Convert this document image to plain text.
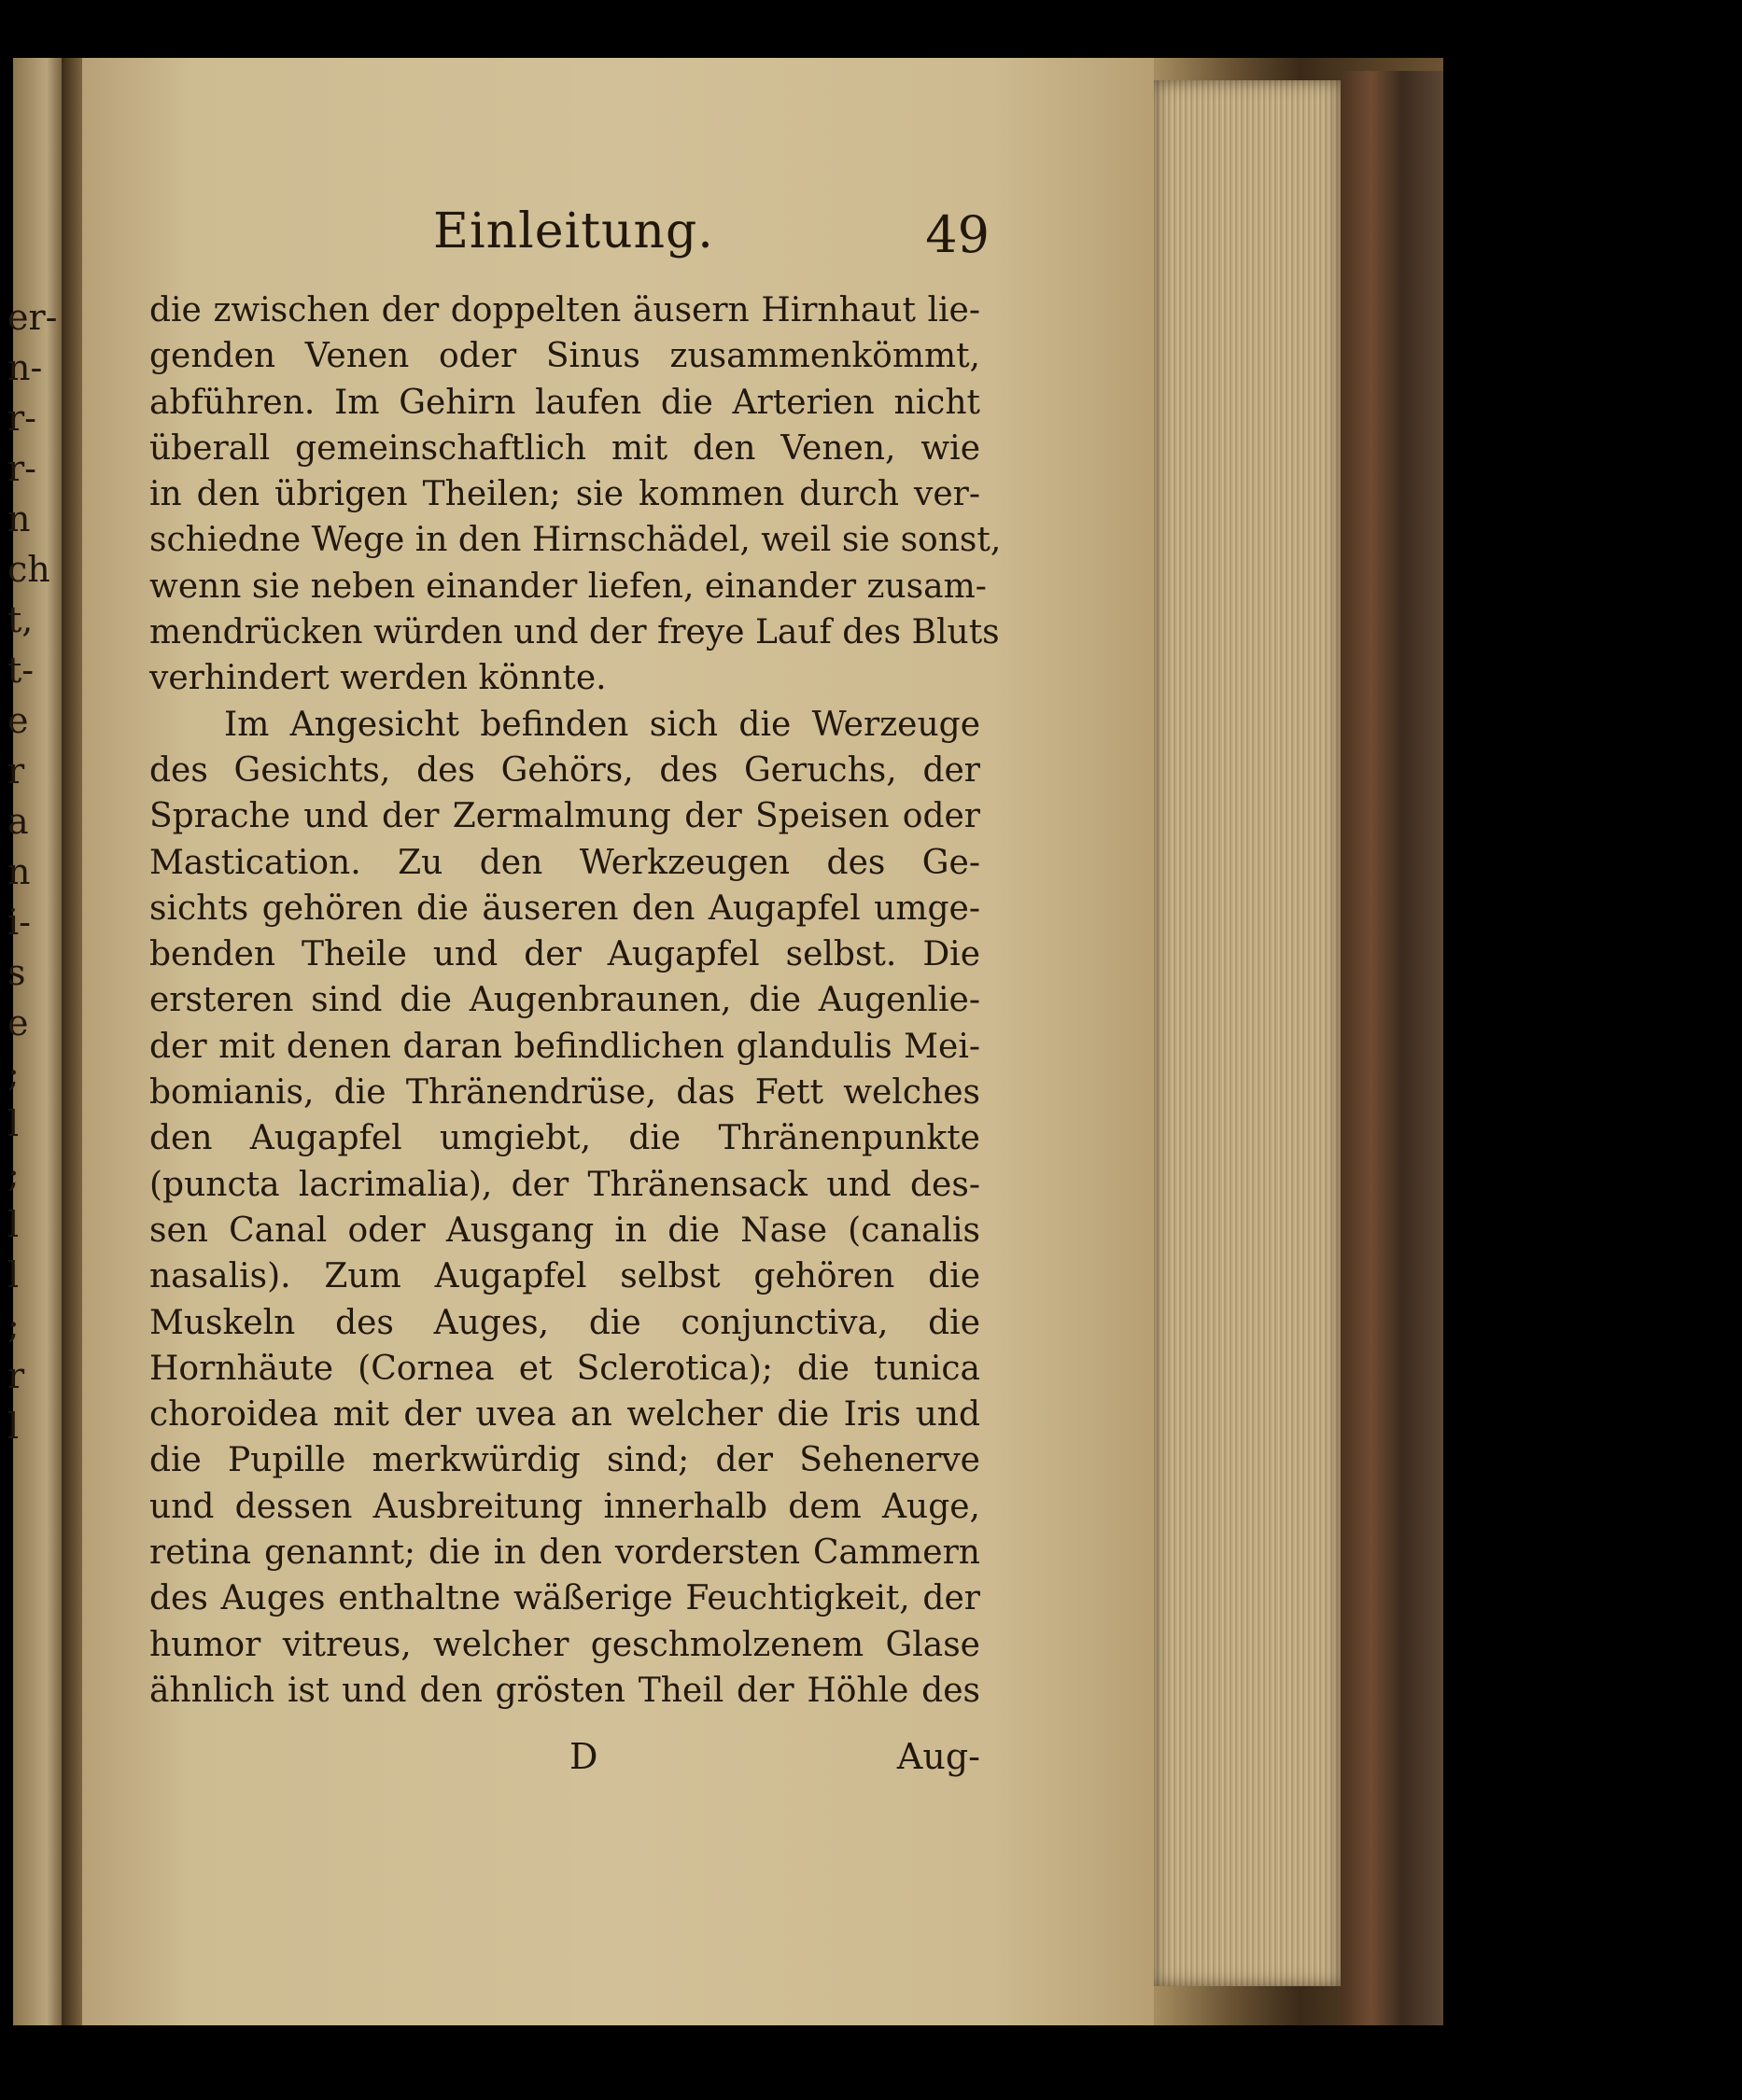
er-
n-
r-
r-
n
ch
t,
t-
e
r
a
n
i-
s
e
;
l
;
l
l
;
r
l
Einleitung.	49
die zwischen der doppelten äusern Hirnhaut lie-
genden Venen oder Sinus zusammenkömmt,
abführen. Im Gehirn laufen die Arterien nicht
überall gemeinschaftlich mit den Venen, wie
in den übrigen Theilen; sie kommen durch ver-
schiedne Wege in den Hirnschädel, weil sie sonst,
wenn sie neben einander liefen, einander zusam-
mendrücken würden und der freye Lauf des Bluts
verhindert werden könnte.
Im Angesicht befinden sich die Werzeuge
des Gesichts, des Gehörs, des Geruchs, der
Sprache und der Zermalmung der Speisen oder
Mastication. Zu den Werkzeugen des Ge-
sichts gehören die äuseren den Augapfel umge-
benden Theile und der Augapfel selbst. Die
ersteren sind die Augenbraunen, die Augenlie-
der mit denen daran befindlichen glandulis Mei-
bomianis, die Thränendrüse, das Fett welches
den Augapfel umgiebt, die Thränenpunkte
(puncta lacrimalia), der Thränensack und des-
sen Canal oder Ausgang in die Nase (canalis
nasalis). Zum Augapfel selbst gehören die
Muskeln des Auges, die conjunctiva, die
Hornhäute (Cornea et Sclerotica); die tunica
choroidea mit der uvea an welcher die Iris und
die Pupille merkwürdig sind; der Sehenerve
und dessen Ausbreitung innerhalb dem Auge,
retina genannt; die in den vordersten Cammern
des Auges enthaltne wäßerige Feuchtigkeit, der
humor vitreus, welcher geschmolzenem Glase
ähnlich ist und den grösten Theil der Höhle des
D	Aug-
